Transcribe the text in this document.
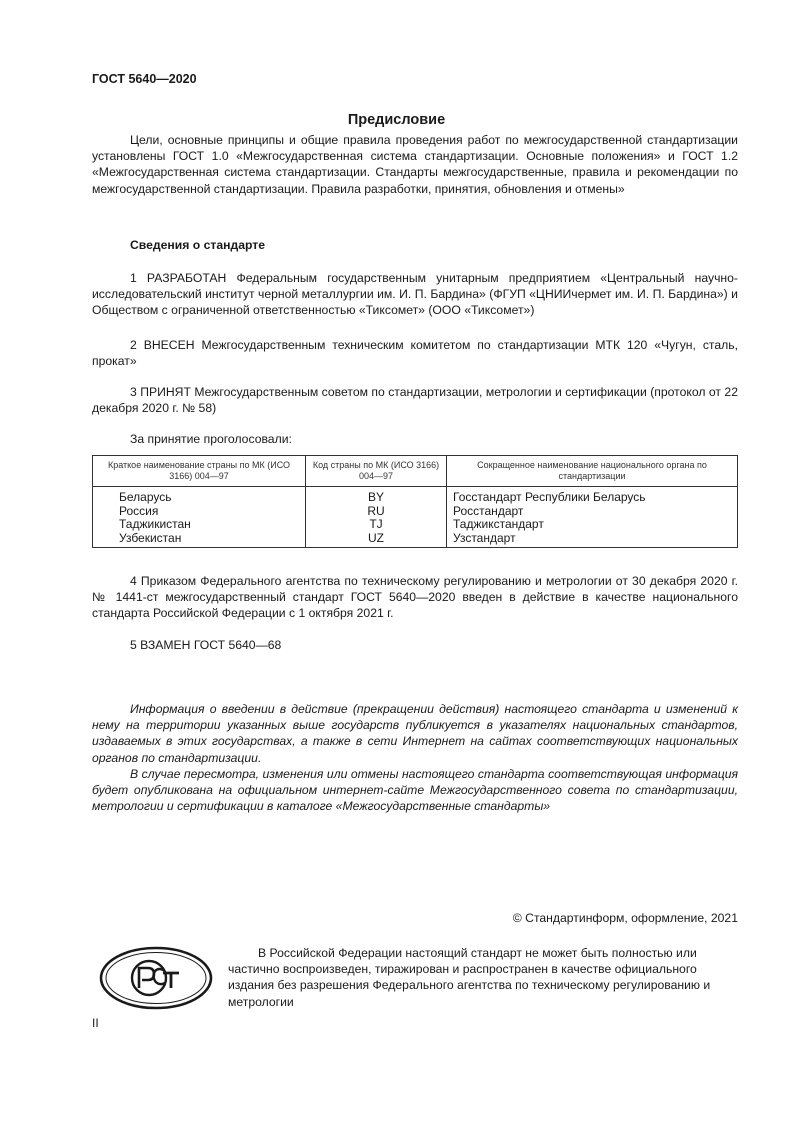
ГОСТ 5640—2020
Предисловие

Цели, основные принципы и общие правила проведения работ по межгосударственной стандартизации установлены ГОСТ 1.0 «Межгосударственная система стандартизации. Основные положения» и ГОСТ 1.2 «Межгосударственная система стандартизации. Стандарты межгосударственные, правила и рекомендации по межгосударственной стандартизации. Правила разработки, принятия, обновления и отмены»

Сведения о стандарте

1 РАЗРАБОТАН Федеральным государственным унитарным предприятием «Центральный научно-исследовательский институт черной металлургии им. И. П. Бардина» (ФГУП «ЦНИИчермет им. И. П. Бардина») и Обществом с ограниченной ответственностью «Тиксомет» (ООО «Тиксомет»)

2 ВНЕСЕН Межгосударственным техническим комитетом по стандартизации МТК 120 «Чугун, сталь, прокат»

3 ПРИНЯТ Межгосударственным советом по стандартизации, метрологии и сертификации (протокол от 22 декабря 2020 г. № 58)

За принятие проголосовали:
Краткое наименование страны по МК (ИСО 3166) 004—97	Код страны по МК (ИСО 3166) 004—97	Сокращенное наименование национального органа по стандартизации
Беларусь	BY	Госстандарт Республики Беларусь
Россия	RU	Росстандарт
Таджикистан	TJ	Таджикстандарт
Узбекистан	UZ	Узстандарт

4 Приказом Федерального агентства по техническому регулированию и метрологии от 30 декабря 2020 г. № 1441-ст межгосударственный стандарт ГОСТ 5640—2020 введен в действие в качестве национального стандарта Российской Федерации с 1 октября 2021 г.

5 ВЗАМЕН ГОСТ 5640—68

Информация о введении в действие (прекращении действия) настоящего стандарта и изменений к нему на территории указанных выше государств публикуется в указателях национальных стандартов, издаваемых в этих государствах, а также в сети Интернет на сайтах соответствующих национальных органов по стандартизации.

В случае пересмотра, изменения или отмены настоящего стандарта соответствующая информация будет опубликована на официальном интернет-сайте Межгосударственного совета по стандартизации, метрологии и сертификации в каталоге «Межгосударственные стандарты»

© Стандартинформ, оформление, 2021

В Российской Федерации настоящий стандарт не может быть полностью или частично воспроизведен, тиражирован и распространен в качестве официального издания без разрешения Федерального агентства по техническому регулированию и метрологии

II
